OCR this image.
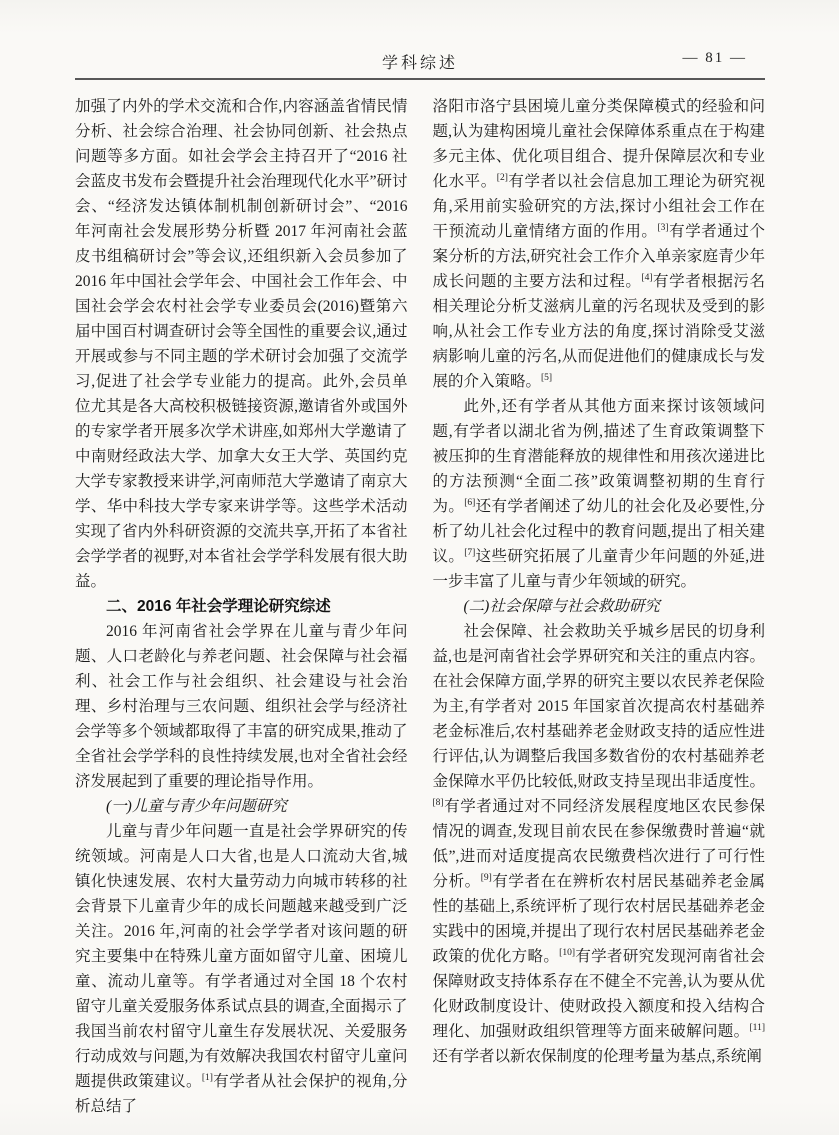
学科综述	— 81 —

加强了内外的学术交流和合作,内容涵盖省情民情分析、社会综合治理、社会协同创新、社会热点问题等多方面。如社会学会主持召开了“2016 社会蓝皮书发布会暨提升社会治理现代化水平”研讨会、“经济发达镇体制机制创新研讨会”、“2016 年河南社会发展形势分析暨 2017 年河南社会蓝皮书组稿研讨会”等会议,还组织新入会员参加了 2016 年中国社会学年会、中国社会工作年会、中国社会学会农村社会学专业委员会(2016)暨第六届中国百村调查研讨会等全国性的重要会议,通过开展或参与不同主题的学术研讨会加强了交流学习,促进了社会学专业能力的提高。此外,会员单位尤其是各大高校积极链接资源,邀请省外或国外的专家学者开展多次学术讲座,如郑州大学邀请了中南财经政法大学、加拿大女王大学、英国约克大学专家教授来讲学,河南师范大学邀请了南京大学、华中科技大学专家来讲学等。这些学术活动实现了省内外科研资源的交流共享,开拓了本省社会学学者的视野,对本省社会学学科发展有很大助益。

二、2016 年社会学理论研究综述

2016 年河南省社会学界在儿童与青少年问题、人口老龄化与养老问题、社会保障与社会福利、社会工作与社会组织、社会建设与社会治理、乡村治理与三农问题、组织社会学与经济社会学等多个领域都取得了丰富的研究成果,推动了全省社会学学科的良性持续发展,也对全省社会经济发展起到了重要的理论指导作用。

(一)儿童与青少年问题研究

儿童与青少年问题一直是社会学界研究的传统领域。河南是人口大省,也是人口流动大省,城镇化快速发展、农村大量劳动力向城市转移的社会背景下儿童青少年的成长问题越来越受到广泛关注。2016 年,河南的社会学学者对该问题的研究主要集中在特殊儿童方面如留守儿童、困境儿童、流动儿童等。有学者通过对全国 18 个农村留守儿童关爱服务体系试点县的调查,全面揭示了我国当前农村留守儿童生存发展状况、关爱服务行动成效与问题,为有效解决我国农村留守儿童问题提供政策建议。[1]有学者从社会保护的视角,分析总结了

洛阳市洛宁县困境儿童分类保障模式的经验和问题,认为建构困境儿童社会保障体系重点在于构建多元主体、优化项目组合、提升保障层次和专业化水平。[2]有学者以社会信息加工理论为研究视角,采用前实验研究的方法,探讨小组社会工作在干预流动儿童情绪方面的作用。[3]有学者通过个案分析的方法,研究社会工作介入单亲家庭青少年成长问题的主要方法和过程。[4]有学者根据污名相关理论分析艾滋病儿童的污名现状及受到的影响,从社会工作专业方法的角度,探讨消除受艾滋病影响儿童的污名,从而促进他们的健康成长与发展的介入策略。[5]

此外,还有学者从其他方面来探讨该领域问题,有学者以湖北省为例,描述了生育政策调整下被压抑的生育潜能释放的规律性和用孩次递进比的方法预测“全面二孩”政策调整初期的生育行为。[6]还有学者阐述了幼儿的社会化及必要性,分析了幼儿社会化过程中的教育问题,提出了相关建议。[7]这些研究拓展了儿童青少年问题的外延,进一步丰富了儿童与青少年领域的研究。

(二)社会保障与社会救助研究

社会保障、社会救助关乎城乡居民的切身利益,也是河南省社会学界研究和关注的重点内容。在社会保障方面,学界的研究主要以农民养老保险为主,有学者对 2015 年国家首次提高农村基础养老金标准后,农村基础养老金财政支持的适应性进行评估,认为调整后我国多数省份的农村基础养老金保障水平仍比较低,财政支持呈现出非适度性。[8]有学者通过对不同经济发展程度地区农民参保情况的调查,发现目前农民在参保缴费时普遍“就低”,进而对适度提高农民缴费档次进行了可行性分析。[9]有学者在在辨析农村居民基础养老金属性的基础上,系统评析了现行农村居民基础养老金实践中的困境,并提出了现行农村居民基础养老金政策的优化方略。[10]有学者研究发现河南省社会保障财政支持体系存在不健全不完善,认为要从优化财政制度设计、使财政投入额度和投入结构合理化、加强财政组织管理等方面来破解问题。[11]还有学者以新农保制度的伦理考量为基点,系统阐
